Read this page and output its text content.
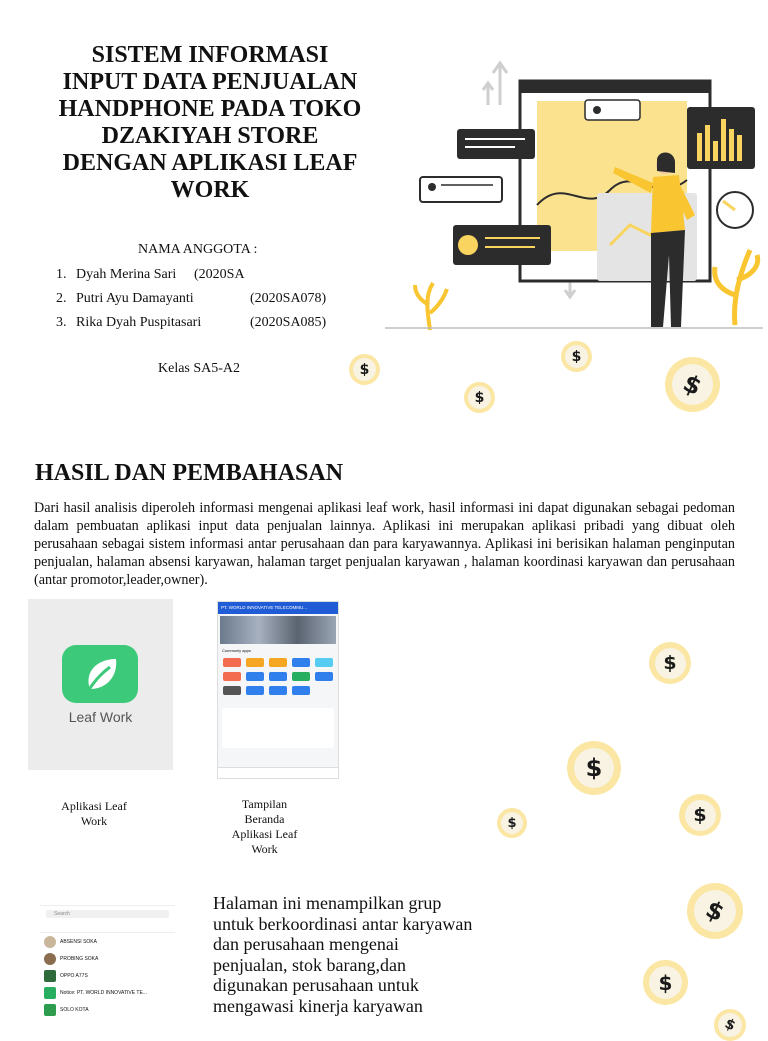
SISTEM INFORMASI
INPUT DATA PENJUALAN
HANDPHONE PADA TOKO
DZAKIYAH STORE
DENGAN APLIKASI LEAF
WORK
NAMA ANGGOTA :
1. Dyah Merina Sari (2020SA
2. Putri Ayu Damayanti	(2020SA078)
3. Rika Dyah Puspitasari	(2020SA085)
Kelas SA5-A2
HASIL DAN PEMBAHASAN
Dari hasil analisis diperoleh informasi mengenai aplikasi leaf work, hasil informasi ini dapat digunakan sebagai pedoman dalam pembuatan aplikasi input data penjualan lainnya. Aplikasi ini merupakan aplikasi pribadi yang dibuat oleh perusahaan sebagai sistem informasi antar perusahaan dan para karyawannya. Aplikasi ini berisikan halaman penginputan penjualan, halaman absensi karyawan, halaman target penjualan karyawan , halaman koordinasi karyawan dan perusahaan (antar promotor,leader,owner).
Leaf Work
PT. WORLD INNOVATIVE TELECOMMU...
Commonly apps
Aplikasi Leaf
Work
Tampilan Beranda
Aplikasi Leaf
Work
Search
ABSENSI SOKA
PROBING SOKA
OPPO A77S
Notice: PT. WORLD INNOVATIVE TE...
SOLO KOTA
Halaman ini menampilkan grup untuk berkoordinasi antar karyawan dan perusahaan mengenai penjualan, stok barang,dan digunakan perusahaan untuk mengawasi kinerja karyawan
$
$
$	$
$
$
$
$
$
$
$
